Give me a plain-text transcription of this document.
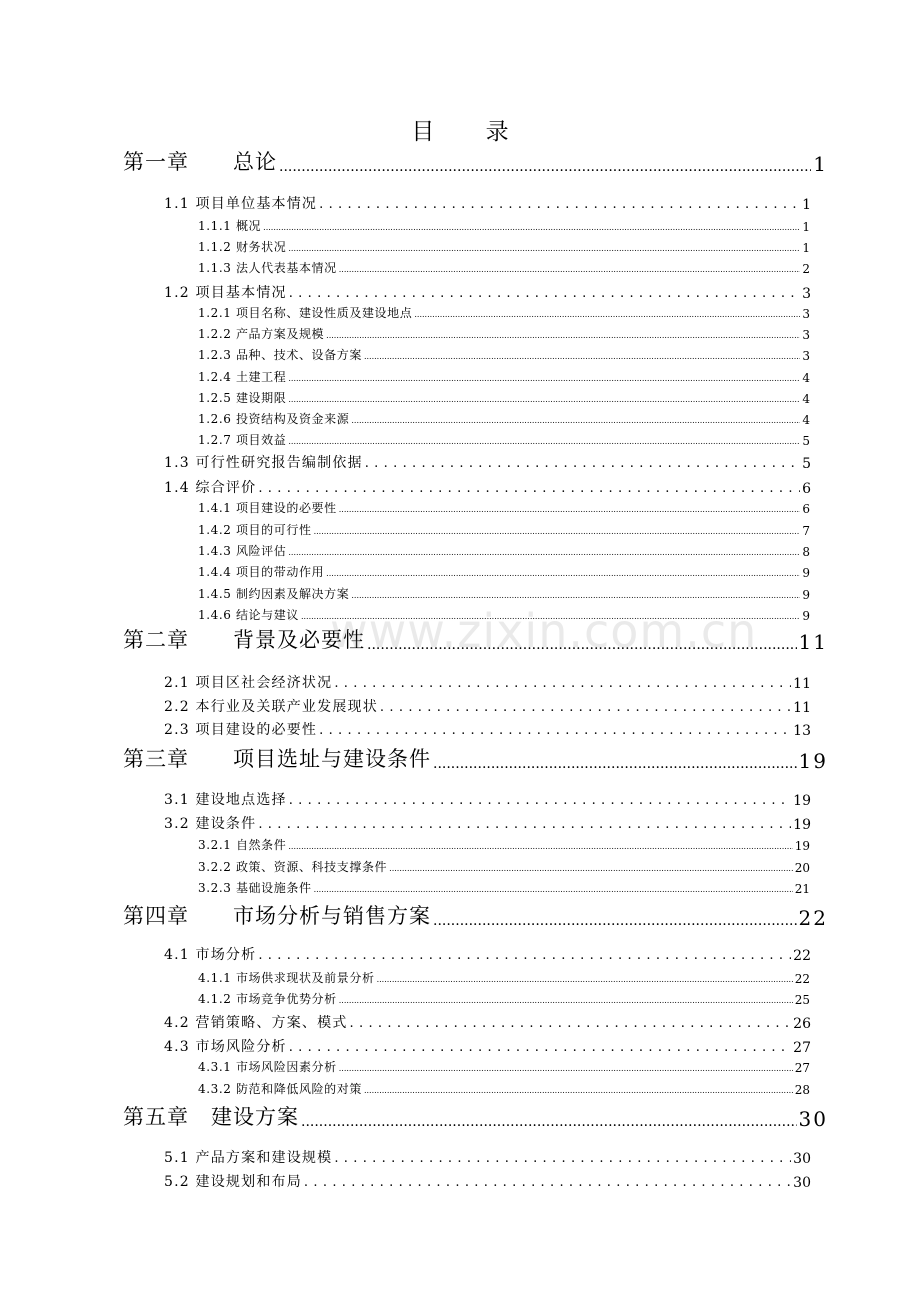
目 录
第一章　　总论 .....	1
1.1 项目单位基本情况 . . .	1
1.1.1 概况 .....	1
1.1.2 财务状况 .....	1
1.1.3 法人代表基本情况 .....	2
1.2 项目基本情况 . . .	3
1.2.1 项目名称、建设性质及建设地点 .....	3
1.2.2 产品方案及规模 .....	3
1.2.3 品种、技术、设备方案 .....	3
1.2.4 土建工程 .....	4
1.2.5 建设期限 .....	4
1.2.6 投资结构及资金来源 .....	4
1.2.7 项目效益 .....	5
1.3 可行性研究报告编制依据 . . .	5
1.4 综合评价 . . .	6
1.4.1 项目建设的必要性 .....	6
1.4.2 项目的可行性 .....	7
1.4.3 风险评估 .....	8
1.4.4 项目的带动作用 .....	9
1.4.5 制约因素及解决方案 .....	9
1.4.6 结论与建议 .....	9
第二章　　背景及必要性 .....	11
2.1 项目区社会经济状况 . . .	11
2.2 本行业及关联产业发展现状 . . .	11
2.3 项目建设的必要性 . . .	13
第三章　　项目选址与建设条件 .....	19
3.1 建设地点选择 . . .	19
3.2 建设条件 . . .	19
3.2.1 自然条件 .....	19
3.2.2 政策、资源、科技支撑条件 .....	20
3.2.3 基础设施条件 .....	21
第四章　　市场分析与销售方案 .....	22
4.1 市场分析 . . .	22
4.1.1 市场供求现状及前景分析 .....	22
4.1.2 市场竞争优势分析 .....	25
4.2 营销策略、方案、模式 . . .	26
4.3 市场风险分析 . . .	27
4.3.1 市场风险因素分析 .....	27
4.3.2 防范和降低风险的对策 .....	28
第五章　建设方案 .....	30
5.1 产品方案和建设规模 . . .	30
5.2 建设规划和布局 . . .	30
www.zixin.com.cn
